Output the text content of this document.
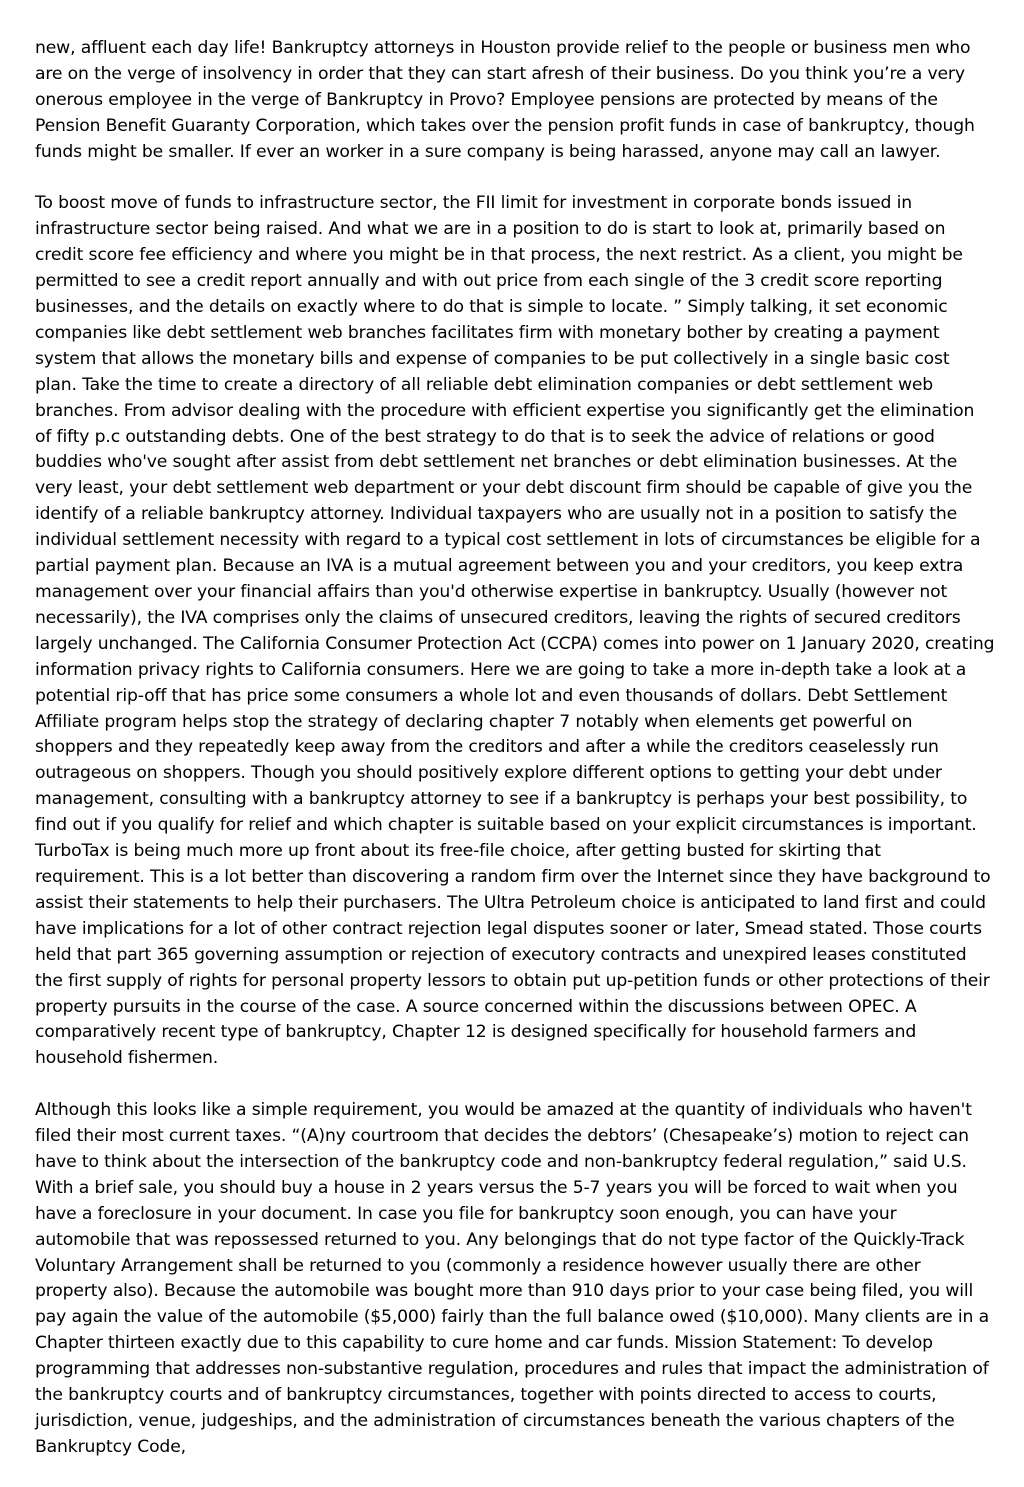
new, affluent each day life! Bankruptcy attorneys in Houston provide relief to the people or business men who are on the verge of insolvency in order that they can start afresh of their business. Do you think you’re a very onerous employee in the verge of Bankruptcy in Provo? Employee pensions are protected by means of the Pension Benefit Guaranty Corporation, which takes over the pension profit funds in case of bankruptcy, though funds might be smaller. If ever an worker in a sure company is being harassed, anyone may call an lawyer.

To boost move of funds to infrastructure sector, the FII limit for investment in corporate bonds issued in infrastructure sector being raised. And what we are in a position to do is start to look at, primarily based on credit score fee efficiency and where you might be in that process, the next restrict. As a client, you might be permitted to see a credit report annually and with out price from each single of the 3 credit score reporting businesses, and the details on exactly where to do that is simple to locate. ” Simply talking, it set economic companies like debt settlement web branches facilitates firm with monetary bother by creating a payment system that allows the monetary bills and expense of companies to be put collectively in a single basic cost plan. Take the time to create a directory of all reliable debt elimination companies or debt settlement web branches. From advisor dealing with the procedure with efficient expertise you significantly get the elimination of fifty p.c outstanding debts. One of the best strategy to do that is to seek the advice of relations or good buddies who've sought after assist from debt settlement net branches or debt elimination businesses. At the very least, your debt settlement web department or your debt discount firm should be capable of give you the identify of a reliable bankruptcy attorney. Individual taxpayers who are usually not in a position to satisfy the individual settlement necessity with regard to a typical cost settlement in lots of circumstances be eligible for a partial payment plan. Because an IVA is a mutual agreement between you and your creditors, you keep extra management over your financial affairs than you'd otherwise expertise in bankruptcy. Usually (however not necessarily), the IVA comprises only the claims of unsecured creditors, leaving the rights of secured creditors largely unchanged. The California Consumer Protection Act (CCPA) comes into power on 1 January 2020, creating information privacy rights to California consumers. Here we are going to take a more in-depth take a look at a potential rip-off that has price some consumers a whole lot and even thousands of dollars. Debt Settlement Affiliate program helps stop the strategy of declaring chapter 7 notably when elements get powerful on shoppers and they repeatedly keep away from the creditors and after a while the creditors ceaselessly run outrageous on shoppers. Though you should positively explore different options to getting your debt under management, consulting with a bankruptcy attorney to see if a bankruptcy is perhaps your best possibility, to find out if you qualify for relief and which chapter is suitable based on your explicit circumstances is important. TurboTax is being much more up front about its free-file choice, after getting busted for skirting that requirement. This is a lot better than discovering a random firm over the Internet since they have background to assist their statements to help their purchasers. The Ultra Petroleum choice is anticipated to land first and could have implications for a lot of other contract rejection legal disputes sooner or later, Smead stated. Those courts held that part 365 governing assumption or rejection of executory contracts and unexpired leases constituted the first supply of rights for personal property lessors to obtain put up-petition funds or other protections of their property pursuits in the course of the case. A source concerned within the discussions between OPEC. A comparatively recent type of bankruptcy, Chapter 12 is designed specifically for household farmers and household fishermen.

Although this looks like a simple requirement, you would be amazed at the quantity of individuals who haven't filed their most current taxes. “(A)ny courtroom that decides the debtors’ (Chesapeake’s) motion to reject can have to think about the intersection of the bankruptcy code and non-bankruptcy federal regulation,” said U.S. With a brief sale, you should buy a house in 2 years versus the 5-7 years you will be forced to wait when you have a foreclosure in your document. In case you file for bankruptcy soon enough, you can have your automobile that was repossessed returned to you. Any belongings that do not type factor of the Quickly-Track Voluntary Arrangement shall be returned to you (commonly a residence however usually there are other property also). Because the automobile was bought more than 910 days prior to your case being filed, you will pay again the value of the automobile ($5,000) fairly than the full balance owed ($10,000). Many clients are in a Chapter thirteen exactly due to this capability to cure home and car funds. Mission Statement: To develop programming that addresses non-substantive regulation, procedures and rules that impact the administration of the bankruptcy courts and of bankruptcy circumstances, together with points directed to access to courts, jurisdiction, venue, judgeships, and the administration of circumstances beneath the various chapters of the Bankruptcy Code,
